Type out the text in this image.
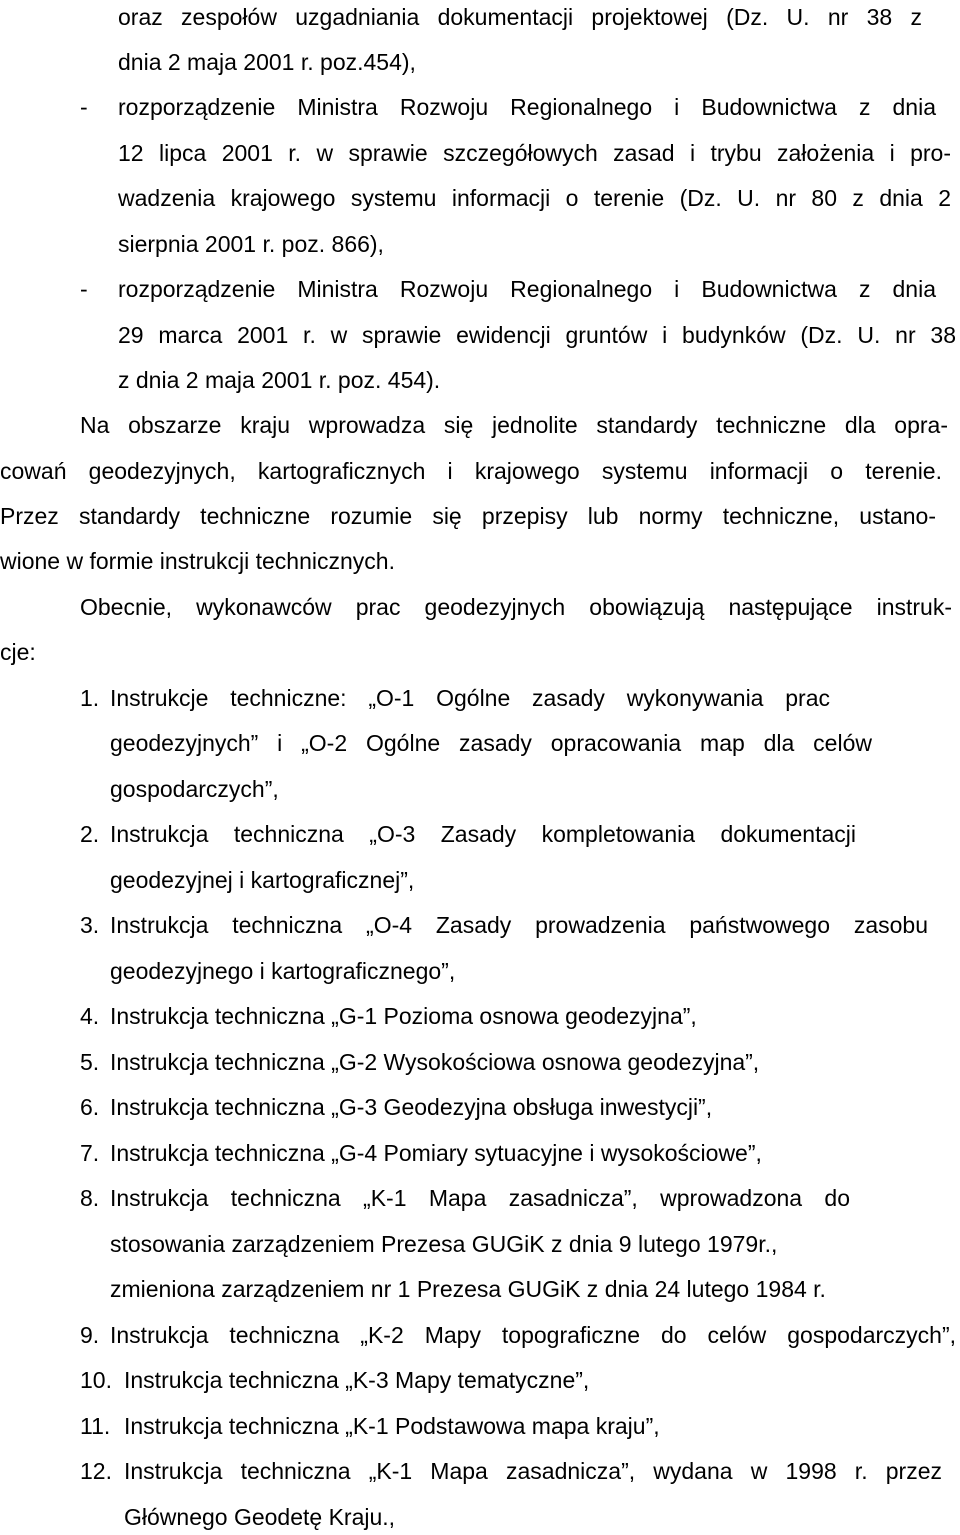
oraz zespołów uzgadniania dokumentacji projektowej (Dz. U. nr 38 z
dnia 2 maja 2001 r. poz.454),
- rozporządzenie Ministra Rozwoju Regionalnego i Budownictwa z dnia
12 lipca 2001 r. w sprawie szczegółowych zasad i trybu założenia i pro-
wadzenia krajowego systemu informacji o terenie (Dz. U. nr 80 z dnia 2
sierpnia 2001 r. poz. 866),
- rozporządzenie Ministra Rozwoju Regionalnego i Budownictwa z dnia
29 marca 2001 r. w sprawie ewidencji gruntów i budynków (Dz. U. nr 38
z dnia 2 maja 2001 r. poz. 454).
Na obszarze kraju wprowadza się jednolite standardy techniczne dla opra-
cowań geodezyjnych, kartograficznych i krajowego systemu informacji o terenie.
Przez standardy techniczne rozumie się przepisy lub normy techniczne, ustano-
wione w formie instrukcji technicznych.
Obecnie, wykonawców prac geodezyjnych obowiązują następujące instruk-
cje:
1. Instrukcje techniczne: „O-1 Ogólne zasady wykonywania prac
geodezyjnych” i „O-2 Ogólne zasady opracowania map dla celów
gospodarczych”,
2. Instrukcja techniczna „O-3 Zasady kompletowania dokumentacji
geodezyjnej i kartograficznej”,
3. Instrukcja techniczna „O-4 Zasady prowadzenia państwowego zasobu
geodezyjnego i kartograficznego”,
4. Instrukcja techniczna „G-1 Pozioma osnowa geodezyjna”,
5. Instrukcja techniczna „G-2 Wysokościowa osnowa geodezyjna”,
6. Instrukcja techniczna „G-3 Geodezyjna obsługa inwestycji”,
7. Instrukcja techniczna „G-4 Pomiary sytuacyjne i wysokościowe”,
8. Instrukcja techniczna „K-1 Mapa zasadnicza”, wprowadzona do
stosowania zarządzeniem Prezesa GUGiK z dnia 9 lutego 1979r.,
zmieniona zarządzeniem nr 1 Prezesa GUGiK z dnia 24 lutego 1984 r.
9. Instrukcja techniczna „K-2 Mapy topograficzne do celów gospodarczych”,
10. Instrukcja techniczna „K-3 Mapy tematyczne”,
11. Instrukcja techniczna „K-1 Podstawowa mapa kraju”,
12. Instrukcja techniczna „K-1 Mapa zasadnicza”, wydana w 1998 r. przez
Głównego Geodetę Kraju.,
